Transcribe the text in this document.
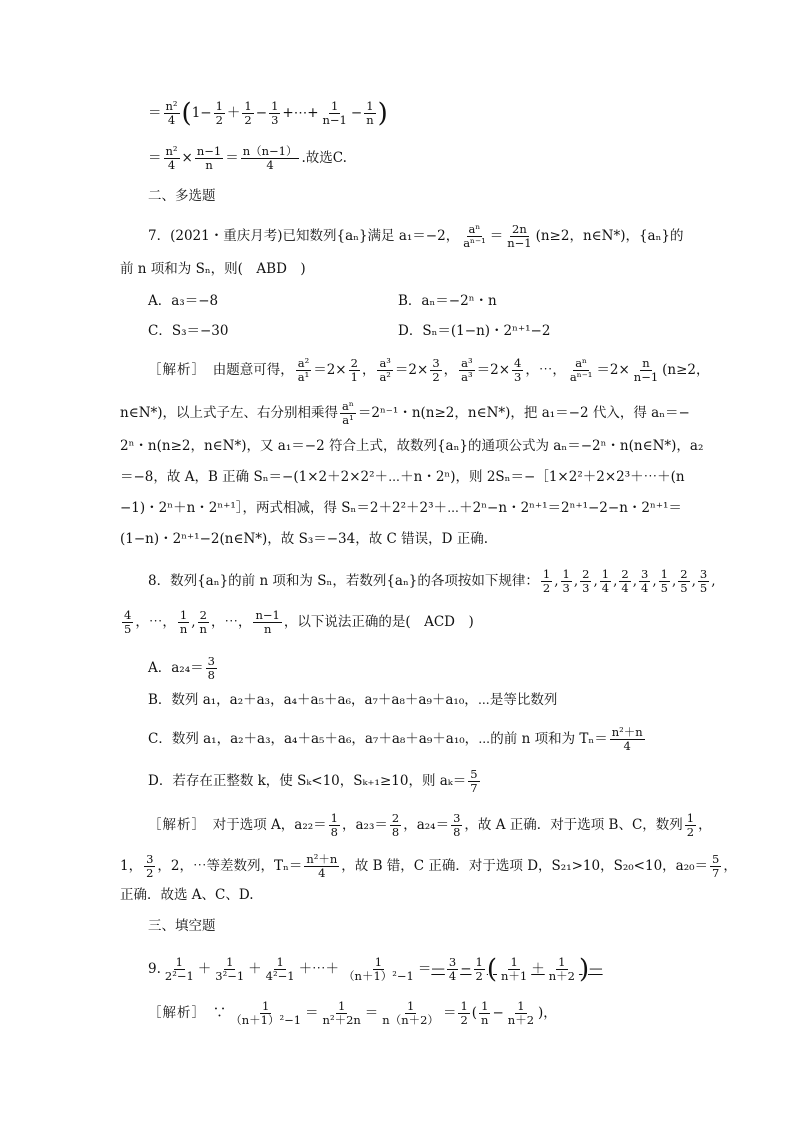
＝ $\frac{\text{n²}}{4} (1- \frac{1}{2} + \frac{1}{2} - \frac{1}{3}$ +⋯+ $\frac{1}{n-1} - \frac{1}{n}$ )
＝ $\frac{\text{n²}}{4} \times \frac{n-1}{n} = \frac{n(n-1)}{4}$ .故选C.
二、多选题
7．(2021・重庆月考)已知数列{aₙ}满足 a₁＝−2， $\frac{\text{aⁿ}}{\text{aⁿ⁻¹}} = \frac{2n}{n-1} (n\ge 2$，n∈N*)，{aₙ}的
前 n 项和为 Sₙ，则(　ABD　)
A．a₃＝−8	B．aₙ＝−2ⁿ・n
C．S₃＝−30	D．Sₙ＝(1−n)・2ⁿ⁺¹−2
［解析］　 由题意可得， $\frac{\text{a²}}{\text{a¹}} =2\times \frac{2}{1}$ ， $\frac{\text{a³}}{\text{a²}} =2\times \frac{3}{2}$ ， $\frac{\text{a³}}{\text{a³}} =2\times \frac{4}{3}$ ，⋯， $\frac{\text{aⁿ}}{\text{aⁿ⁻¹}} =2\times \frac{n}{n-1} (n\ge 2$，
n∈N*)，以上式子左、右分别相乘得 $\frac{\text{aⁿ}}{\text{a¹}} =2^{n-1}$・n(n≥2，n∈N*)，把 a₁＝−2 代入，得 aₙ＝−
2ⁿ・n(n≥2，n∈N*)，又 a₁＝−2 符合上式，故数列{aₙ}的通项公式为 aₙ＝−2ⁿ・n(n∈N*)，a₂
＝−8，故 A，B 正确 Sₙ＝−(1×2＋2×2²＋⋯＋n・2ⁿ)，则 2Sₙ＝−［1×2²＋2×2³＋⋯＋(n
−1)・2ⁿ＋n・2ⁿ⁺¹］，两式相减，得 Sₙ＝2＋2²＋2³＋⋯＋2ⁿ−n・2ⁿ⁺¹＝2ⁿ⁺¹−2−n・2ⁿ⁺¹＝
(1−n)・2ⁿ⁺¹−2(n∈N*)，故 S₃＝−34，故 C 错误，D 正确.
8．数列{aₙ}的前 n 项和为 Sₙ，若数列{aₙ}的各项按如下规律： $\frac{1}{2}$ , $\frac{1}{3}$ , $\frac{2}{3}$ , $\frac{1}{4}$ , $\frac{2}{4}$ , $\frac{3}{4}$ , $\frac{1}{5}$ , $\frac{2}{5}$ , $\frac{3}{5}$ ,
$\frac{4}{5}$ ，⋯， $\frac{1}{n}$ , $\frac{2}{n}$ ，⋯， $\frac{n-1}{n}$ ，以下说法正确的是(　ACD　)
A．$a_{24}= \frac{3}{8}$
B．数列 a₁，a₂＋a₃，a₄＋a₅＋a₆，a₇＋a₈＋a₉＋a₁₀，⋯是等比数列
C．数列 a₁，a₂＋a₃，a₄＋a₅＋a₆，a₇＋a₈＋a₉＋a₁₀，⋯的前 n 项和为 $T_n= \frac{\text{n²＋n}}{4}$
D．若存在正整数 k，使 Sₖ<10，Sₖ₊₁≥10，则 $a_k= \frac{5}{7}$
［解析］　 对于选项 A，$a_{22}= \frac{1}{8}$ ，$a_{23}= \frac{2}{8}$ ，$a_{24}= \frac{3}{8}$ ，故 A 正确．对于选项 B、C，数列 $\frac{1}{2}$ ，
1， $\frac{3}{2}$ ，2，⋯等差数列，$T_n= \frac{\text{n²＋n}}{4}$ ，故 B 错，C 正确．对于选项 D，S₂₁>10，S₂₀<10，$a_{20}= \frac{5}{7}$ ，
正确．故选 A、C、D.
三、填空题
9. $\frac{1}{\text{2²−1}} + \frac{1}{\text{3²−1}} + \frac{1}{\text{4²−1}}$ ＋⋯＋ $\frac{1}{\text{（n＋1）²−1}}$ ＝— $\frac{3}{4} - \frac{1}{2}$ ( $\frac{1}{n+1} + \frac{1}{n+2}$ )—
［解析］　 ∵ $\frac{1}{\text{（n＋1）²−1}} = \frac{1}{\text{n²＋2n}} = \frac{1}{n(n+2)} = \frac{1}{2}$ ( $\frac{1}{n} - \frac{1}{n+2}$ )，
